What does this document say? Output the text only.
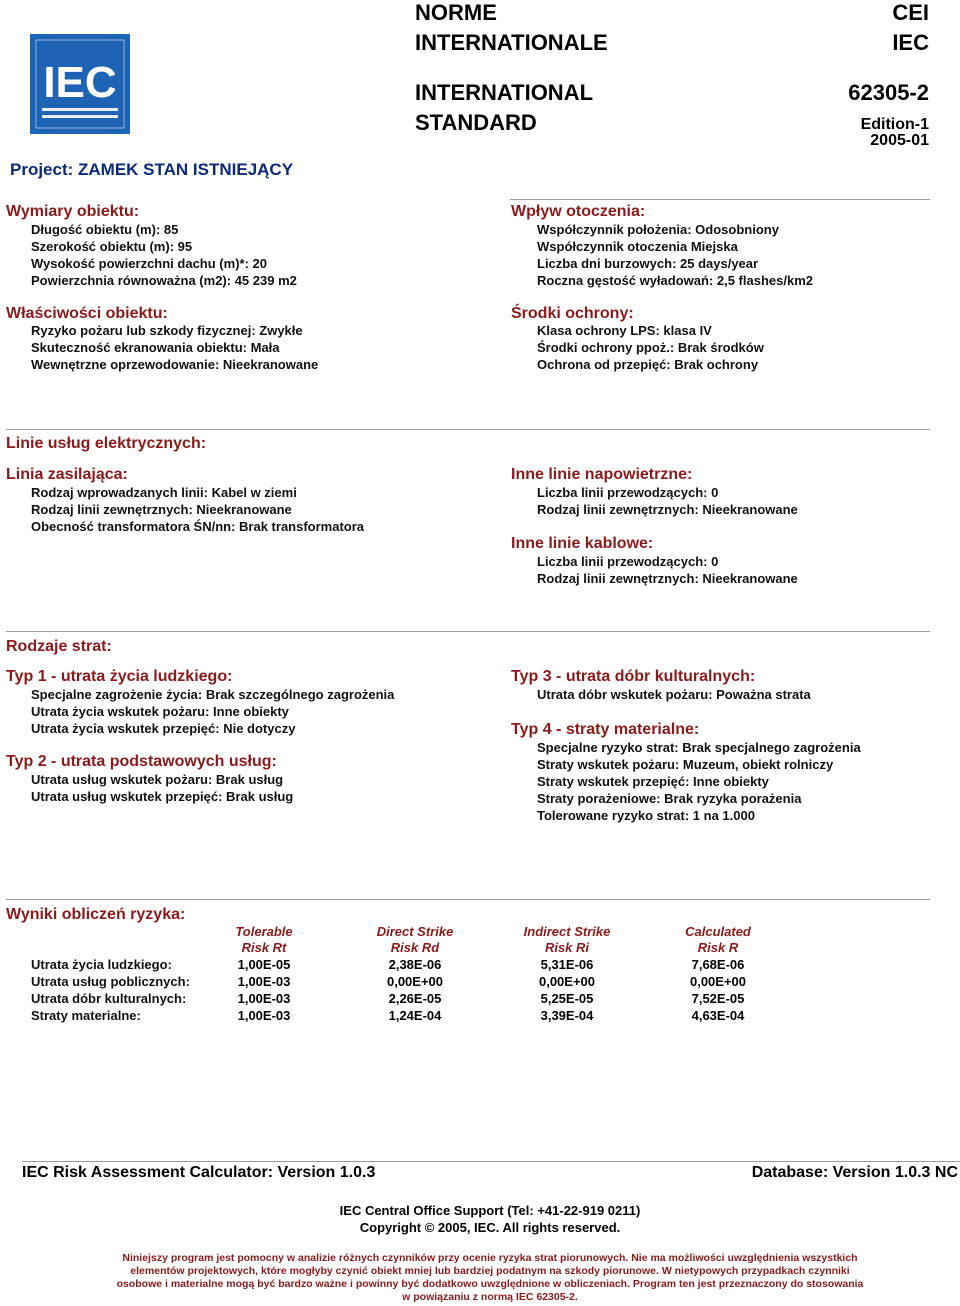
IEC
NORME
INTERNATIONALE
CEI
IEC
INTERNATIONAL
STANDARD
62305-2
Edition-1
2005-01
Project: ZAMEK STAN ISTNIEJĄCY
Wymiary obiektu:
Długość obiektu (m): 85
Szerokość obiektu (m): 95
Wysokość powierzchni dachu (m)*: 20
Powierzchnia równoważna (m2): 45 239 m2
Wpływ otoczenia:
Współczynnik położenia: Odosobniony
Współczynnik otoczenia Miejska
Liczba dni burzowych: 25 days/year
Roczna gęstość wyładowań: 2,5 flashes/km2
Właściwości obiektu:
Ryzyko pożaru lub szkody fizycznej: Zwykłe
Skuteczność ekranowania obiektu: Mała
Wewnętrzne oprzewodowanie: Nieekranowane
Środki ochrony:
Klasa ochrony LPS: klasa IV
Środki ochrony ppoż.: Brak środków
Ochrona od przepięć: Brak ochrony
Linie usług elektrycznych:
Linia zasilająca:
Rodzaj wprowadzanych linii: Kabel w ziemi
Rodzaj linii zewnętrznych: Nieekranowane
Obecność transformatora ŚN/nn: Brak transformatora
Inne linie napowietrzne:
Liczba linii przewodzących: 0
Rodzaj linii zewnętrznych: Nieekranowane
Inne linie kablowe:
Liczba linii przewodzących: 0
Rodzaj linii zewnętrznych: Nieekranowane
Rodzaje strat:
Typ 1 - utrata życia ludzkiego:
Specjalne zagrożenie życia: Brak szczególnego zagrożenia
Utrata życia wskutek pożaru: Inne obiekty
Utrata życia wskutek przepięć: Nie dotyczy
Typ 2 - utrata podstawowych usług:
Utrata usług wskutek pożaru: Brak usług
Utrata usług wskutek przepięć: Brak usług
Typ 3 - utrata dóbr kulturalnych:
Utrata dóbr wskutek pożaru: Poważna strata
Typ 4 - straty materialne:
Specjalne ryzyko strat: Brak specjalnego zagrożenia
Straty wskutek pożaru: Muzeum, obiekt rolniczy
Straty wskutek przepięć: Inne obiekty
Straty porażeniowe: Brak ryzyka porażenia
Tolerowane ryzyko strat: 1 na 1.000
Wyniki obliczeń ryzyka:
Tolerable
Risk Rt
Direct Strike
Risk Rd
Indirect Strike
Risk Ri
Calculated
Risk R
Utrata życia ludzkiego:
Utrata usług poblicznych:
Utrata dóbr kulturalnych:
Straty materialne:
1,00E-05
1,00E-03
1,00E-03
1,00E-03
2,38E-06
0,00E+00
2,26E-05
1,24E-04
5,31E-06
0,00E+00
5,25E-05
3,39E-04
7,68E-06
0,00E+00
7,52E-05
4,63E-04
IEC Risk Assessment Calculator: Version 1.0.3	Database: Version 1.0.3 NC
IEC Central Office Support (Tel: +41-22-919 0211)
Copyright © 2005, IEC. All rights reserved.
Niniejszy program jest pomocny w analizie różnych czynników przy ocenie ryzyka strat piorunowych. Nie ma możliwości uwzględnienia wszystkich
elementów projektowych, które mogłyby czynić obiekt mniej lub bardziej podatnym na szkody piorunowe. W nietypowych przypadkach czynniki
osobowe i materialne mogą być bardzo ważne i powinny być dodatkowo uwzględnione w obliczeniach. Program ten jest przeznaczony do stosowania
w powiązaniu z normą IEC 62305-2.
